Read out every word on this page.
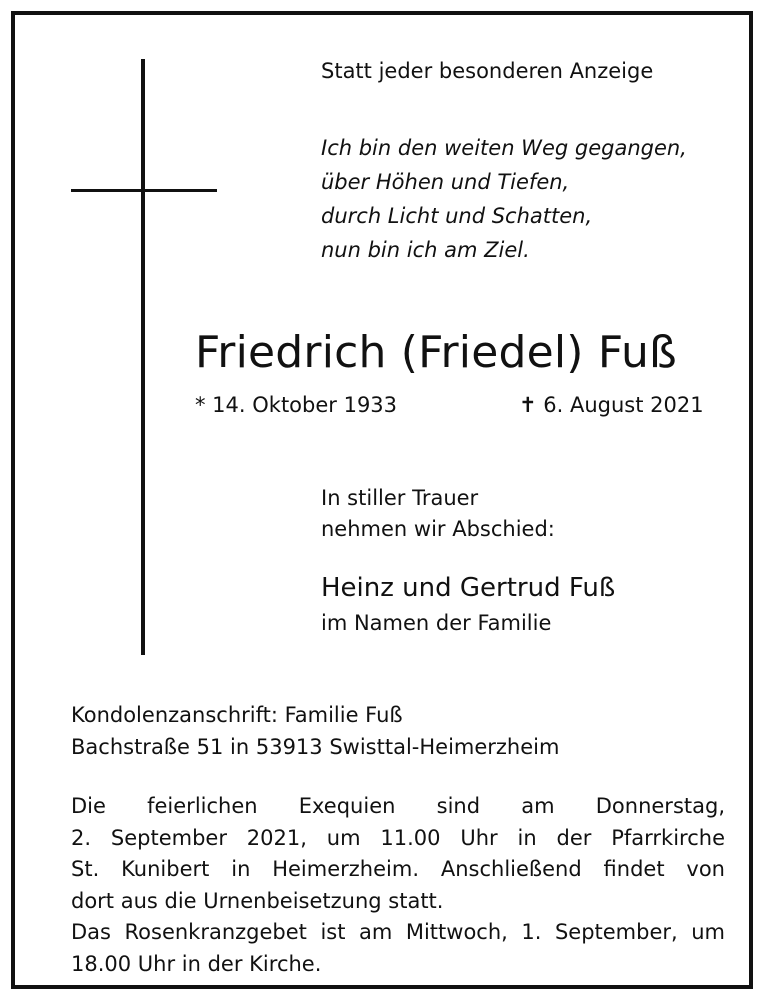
Statt jeder besonderen Anzeige
Ich bin den weiten Weg gegangen,
über Höhen und Tiefen,
durch Licht und Schatten,
nun bin ich am Ziel.
Friedrich (Friedel) Fuß
* 14. Oktober 1933	✝ 6. August 2021
In stiller Trauer
nehmen wir Abschied:
Heinz und Gertrud Fuß
im Namen der Familie
Kondolenzanschrift: Familie Fuß
Bachstraße 51 in 53913 Swisttal-Heimerzheim
Die feierlichen Exequien sind am Donnerstag,
2. September 2021, um 11.00 Uhr in der Pfarrkirche
St. Kunibert in Heimerzheim. Anschließend findet von
dort aus die Urnenbeisetzung statt.
Das Rosenkranzgebet ist am Mittwoch, 1. September, um
18.00 Uhr in der Kirche.
